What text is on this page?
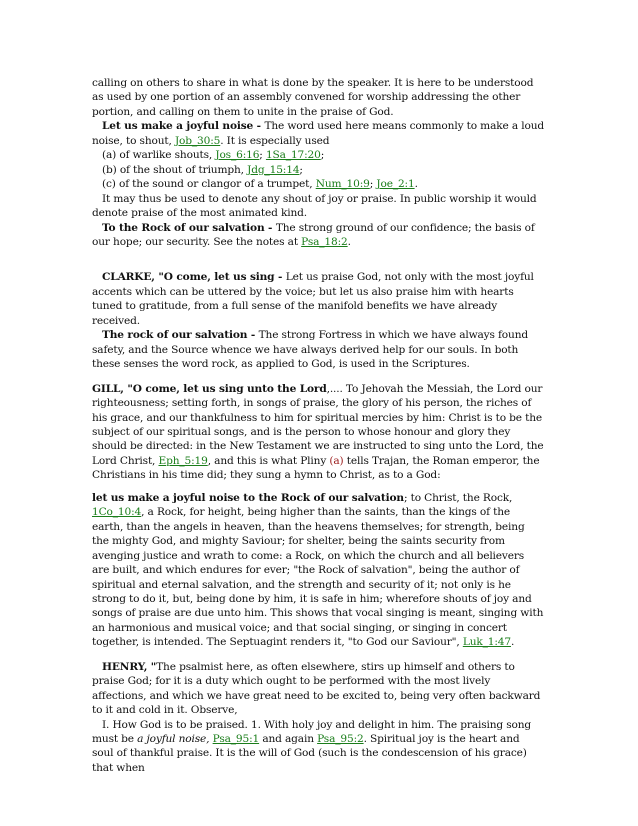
calling on others to share in what is done by the speaker. It is here to be understood as used by one portion of an assembly convened for worship addressing the other portion, and calling on them to unite in the praise of God.

Let us make a joyful noise - The word used here means commonly to make a loud noise, to shout, Job_30:5. It is especially used

(a) of warlike shouts, Jos_6:16; 1Sa_17:20;

(b) of the shout of triumph, Jdg_15:14;

(c) of the sound or clangor of a trumpet, Num_10:9; Joe_2:1.

It may thus be used to denote any shout of joy or praise. In public worship it would denote praise of the most animated kind.

To the Rock of our salvation - The strong ground of our confidence; the basis of our hope; our security. See the notes at Psa_18:2.

CLARKE, "O come, let us sing - Let us praise God, not only with the most joyful accents which can be uttered by the voice; but let us also praise him with hearts tuned to gratitude, from a full sense of the manifold benefits we have already received.

The rock of our salvation - The strong Fortress in which we have always found safety, and the Source whence we have always derived help for our souls. In both these senses the word rock, as applied to God, is used in the Scriptures.

GILL, "O come, let us sing unto the Lord,.... To Jehovah the Messiah, the Lord our righteousness; setting forth, in songs of praise, the glory of his person, the riches of his grace, and our thankfulness to him for spiritual mercies by him: Christ is to be the subject of our spiritual songs, and is the person to whose honour and glory they should be directed: in the New Testament we are instructed to sing unto the Lord, the Lord Christ, Eph_5:19, and this is what Pliny (a) tells Trajan, the Roman emperor, the Christians in his time did; they sung a hymn to Christ, as to a God:

let us make a joyful noise to the Rock of our salvation; to Christ, the Rock, 1Co_10:4, a Rock, for height, being higher than the saints, than the kings of the earth, than the angels in heaven, than the heavens themselves; for strength, being the mighty God, and mighty Saviour; for shelter, being the saints security from avenging justice and wrath to come: a Rock, on which the church and all believers are built, and which endures for ever; "the Rock of salvation", being the author of spiritual and eternal salvation, and the strength and security of it; not only is he strong to do it, but, being done by him, it is safe in him; wherefore shouts of joy and songs of praise are due unto him. This shows that vocal singing is meant, singing with an harmonious and musical voice; and that social singing, or singing in concert together, is intended. The Septuagint renders it, "to God our Saviour", Luk_1:47.

HENRY, "The psalmist here, as often elsewhere, stirs up himself and others to praise God; for it is a duty which ought to be performed with the most lively affections, and which we have great need to be excited to, being very often backward to it and cold in it. Observe,

I. How God is to be praised. 1. With holy joy and delight in him. The praising song must be a joyful noise, Psa_95:1 and again Psa_95:2. Spiritual joy is the heart and soul of thankful praise. It is the will of God (such is the condescension of his grace) that when
